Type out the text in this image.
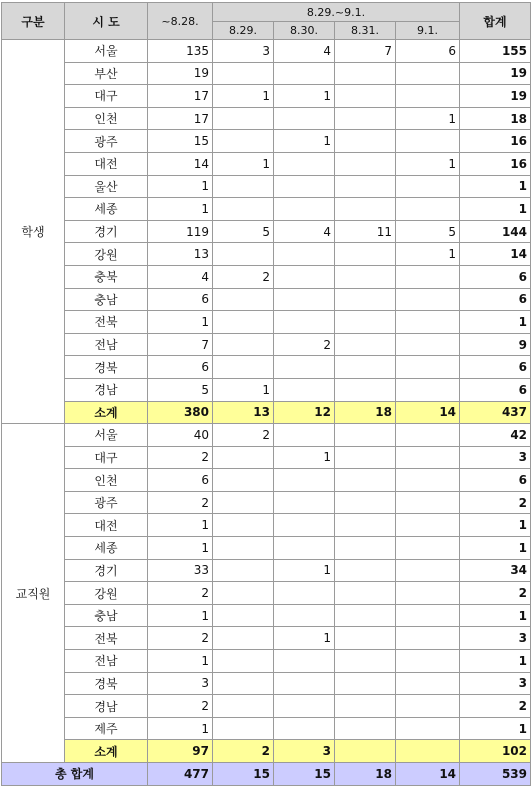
구분	시 도	~8.28.	8.29.~9.1.				합계
			8.29.	8.30.	8.31.	9.1.	
학생	서울	135	3	4	7	6	155
	부산	19					19
	대구	17	1	1			19
	인천	17				1	18
	광주	15		1			16
	대전	14	1			1	16
	울산	1					1
	세종	1					1
	경기	119	5	4	11	5	144
	강원	13				1	14
	충북	4	2				6
	충남	6					6
	전북	1					1
	전남	7		2			9
	경북	6					6
	경남	5	1				6
	소계	380	13	12	18	14	437
교직원	서울	40	2				42
	대구	2		1			3
	인천	6					6
	광주	2					2
	대전	1					1
	세종	1					1
	경기	33		1			34
	강원	2					2
	충남	1					1
	전북	2		1			3
	전남	1					1
	경북	3					3
	경남	2					2
	제주	1					1
	소계	97	2	3			102
총 합계		477	15	15	18	14	539
